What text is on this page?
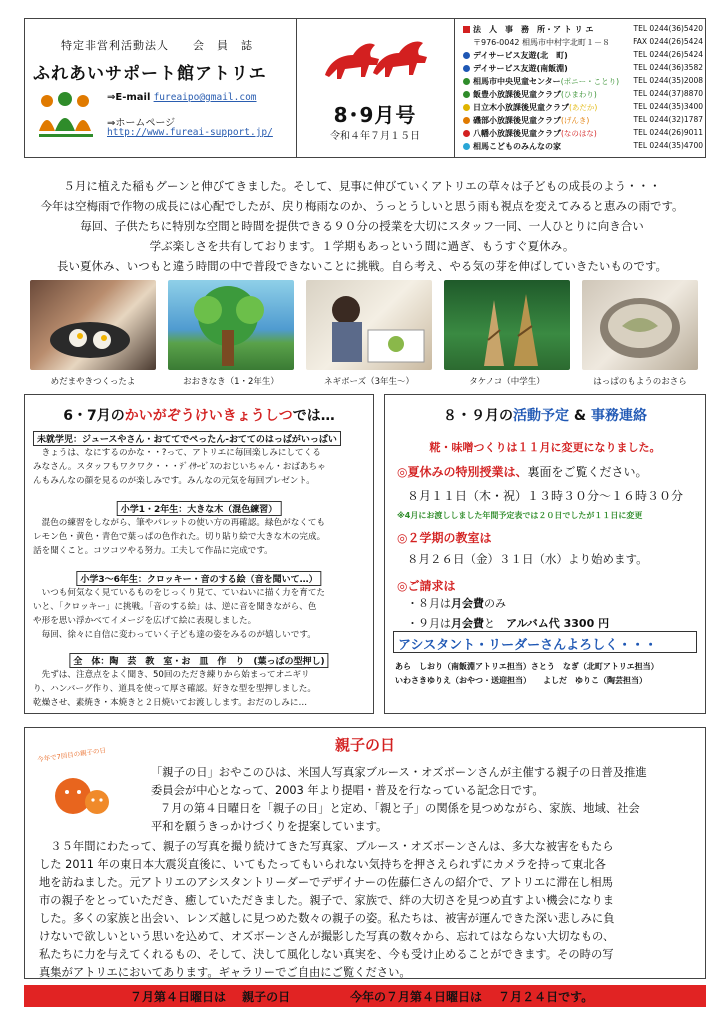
特定非営利活動法人　　会　員　誌
ふれあいサポート館アトリエ
⇒E-mail fureaipo@gmail.com
⇒ホームページ
http://www.fureai-support.jp/
8･9月号
令和４年７月１５日
法　人　事　務　所・ア ト リ エ	TEL 0244(36)5420
〒976-0042 相馬市中村字北町１－８	FAX 0244(26)5424
デイサービス友遊(北　町)	TEL 0244(26)5424
デイサービス友遊(南飯淵)	TEL 0244(36)3582
相馬市中央児童センター(ポニー・ことり) TEL 0244(35)2008
飯豊小放課後児童クラブ(ひまわり)	TEL 0244(37)8870
日立木小放課後児童クラブ(あだか)	TEL 0244(35)3400
磯部小放課後児童クラブ(げんき)	TEL 0244(32)1787
八幡小放課後児童クラブ(なのはな)	TEL 0244(26)9011
相馬こどものみんなの家	TEL 0244(35)4700
５月に植えた稲もグーンと伸びてきました。そして、見事に伸びていくアトリエの草々は子どもの成長のよう・・・
今年は空梅雨で作物の成長には心配でしたが、戻り梅雨なのか、うっとうしいと思う雨も視点を変えてみると恵みの雨です。
毎回、子供たちに特別な空間と時間を提供できる９０分の授業を大切にスタッフ一同、一人ひとりに向き合い
学ぶ楽しさを共有しております。１学期もあっという間に過ぎ、もうすぐ夏休み。
長い夏休み、いつもと違う時間の中で普段できないことに挑戦。自ら考え、やる気の芽を伸ばしていきたいものです。
めだまやきつくったよ	おおきなき（1・2年生）	ネギボーズ（3年生～）	タケノコ（中学生）	はっぱのもようのおさら
6・7月のかいがぞうけいきょうしつでは…
未就学児：ジュースやさん・おててでぺったん-おててのはっぱがいっぱい
　きょうは、なにするのかな・・?って、アトリエに毎回楽しみにしてくる
みなさん。スタッフもワクワク・・・ﾃﾞｲｻｰﾋﾞｽのおじいちゃん・おばあちゃ
んもみんなの顔を見るのが楽しみです。みんなの元気を毎回プレゼント。
小学1・2年生：大きな木（混色練習）
　混色の練習をしながら、筆やパレットの使い方の再確認。緑色がなくても
レモン色・黄色・青色で葉っぱの色作れた。切り貼り絵で大きな木の完成。
話を聞くこと。コツコツやる努力。工夫して作品に完成です。
小学3～6年生：クロッキー・音のする絵（音を聞いて…）
　いつも何気なく見ているものをじっくり見て、ていねいに描く力を育てた
いと、「クロッキー」に挑戦。「音のする絵」は、逆に音を聞きながら、色
や形を思い浮かべてイメージを広げて絵に表現しました。
　毎回、徐々に自信に変わっていく子ども達の姿をみるのが嬉しいです。
全　体：陶　芸　教　室・お　皿　作　り　(葉っぱの型押し)
　先ずは、注意点をよく聞き、50回のただき練りから始まってオニギリ
り、ハンバーグ作り、道具を使って厚さ確認。好きな型を型押しました。
乾燥させ、素焼き・本焼きと２日焼いてお渡しします。おだのしみに…
８・９月の活動予定 & 事務連絡
糀・味噌つくりは１１月に変更になりました。
◎夏休みの特別授業は、裏面をご覧ください。
８月１１日（木・祝）１３時３０分～１６時３０分
※4月にお渡ししました年間予定表では２０日でしたが１１日に変更
◎２学期の教室は
８月２６日（金）３１日（水）より始めます。
◎ご請求は
・８月は月会費のみ
・９月は月会費と　 アルバム代 3300 円
アシスタント・リーダーさんよろしく・・・
あら　しおり（南飯淵アトリエ担当）さとう　なぎ（北町アトリエ担当）
いわさきゆりえ（おやつ・送迎担当）　　よしだ　ゆりこ（陶芸担当）
親子の日
今年で7回目の親子の日
「親子の日」おやこのひは、米国人写真家ブルース・オズボーンさんが主催する親子の日普及推進
委員会が中心となって、2003 年より提唱・普及を行なっている記念日です。
７月の第４日曜日を「親子の日」と定め、「親と子」の関係を見つめながら、家族、地域、社会
平和を願うきっかけづくりを提案しています。
　３５年間にわたって、親子の写真を撮り続けてきた写真家、ブルース・オズボーンさんは、多大な被害をもたら
した 2011 年の東日本大震災直後に、いてもたってもいられない気持ちを押さえられずにカメラを持って東北各
地を訪ねました。元アトリエのアシスタントリーダーでデザイナーの佐藤仁さんの紹介で、アトリエに滞在し相馬
市の親子をとっていただき、癒していただきました。親子で、家族で、絆の大切さを見つめ直すよい機会になりま
した。多くの家族と出会い、レンズ越しに見つめた数々の親子の姿。私たちは、被害が運んできた深い悲しみに負
けないで欲しいという思いを込めて、オズボーンさんが撮影した写真の数々から、忘れてはならない大切なもの、
私たちに力を与えてくれるもの、そして、決して風化しない真実を、今も受け止めることができます。その時の写
真集がアトリエにおいてあります。ギャラリーでご自由にご覧ください。
７月第４日曜日は　 親子の日	今年の７月第４日曜日は　 ７月２４日です。
